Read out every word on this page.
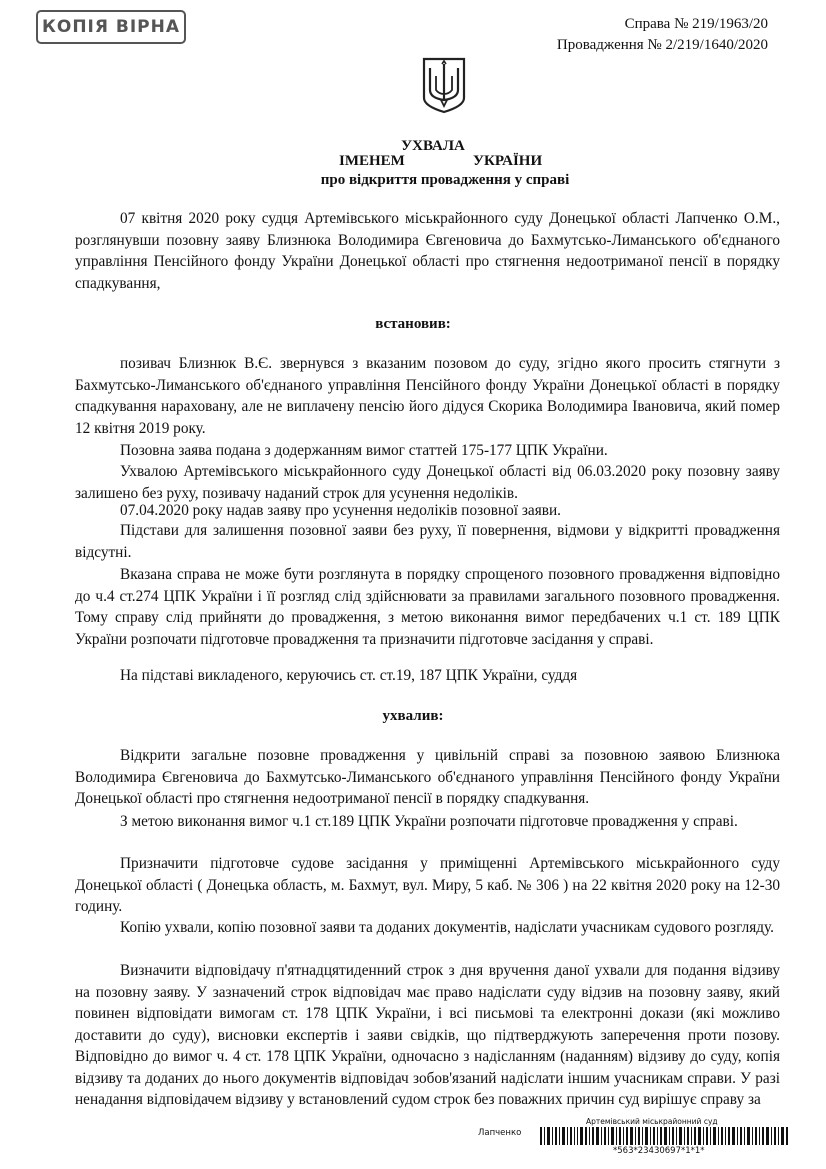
КОПІЯ ВІРНА	Справа № 219/1963/20
Провадження № 2/219/1640/2020
УХВАЛА
ІМЕНЕМ	УКРАЇНИ
про відкриття провадження у справі

07 квітня 2020 року судця Артемівського міськрайонного суду Донецької області Лапченко О.М., розглянувши позовну заяву Близнюка Володимира Євгеновича до Бахмутсько-Лиманського об'єднаного управління Пенсійного фонду України Донецької області про стягнення недоотриманої пенсії в порядку спадкування,

встановив:

позивач Близнюк В.Є. звернувся з вказаним позовом до суду, згідно якого просить стягнути з Бахмутсько-Лиманського об'єднаного управління Пенсійного фонду України Донецької області в порядку спадкування нараховану, але не виплачену пенсію його дідуся Скорика Володимира Івановича, який помер 12 квітня 2019 року.

Позовна заява подана з додержанням вимог статтей 175-177 ЦПК України.

Ухвалою Артемівського міськрайонного суду Донецької області від 06.03.2020 року позовну заяву залишено без руху, позивачу наданий строк для усунення недоліків.

07.04.2020 року надав заяву про усунення недоліків позовної заяви.

Підстави для залишення позовної заяви без руху, її повернення, відмови у відкритті провадження відсутні.

Вказана справа не може бути розглянута в порядку спрощеного позовного провадження відповідно до ч.4 ст.274 ЦПК України і її розгляд слід здійснювати за правилами загального позовного провадження. Тому справу слід прийняти до провадження, з метою виконання вимог передбачених ч.1 ст. 189 ЦПК України розпочати підготовче провадження та призначити підготовче засідання у справі.

На підставі викладеного, керуючись ст. ст.19, 187 ЦПК України, суддя

ухвалив:

Відкрити загальне позовне провадження у цивільній справі за позовною заявою Близнюка Володимира Євгеновича до Бахмутсько-Лиманського об'єднаного управління Пенсійного фонду України Донецької області про стягнення недоотриманої пенсії в порядку спадкування.

З метою виконання вимог ч.1 ст.189 ЦПК України розпочати підготовче провадження у справі.

Призначити підготовче судове засідання у приміщенні Артемівського міськрайонного суду Донецької області ( Донецька область, м. Бахмут, вул. Миру, 5 каб. № 306 ) на 22 квітня 2020 року на 12-30 годину.

Копію ухвали, копію позовної заяви та доданих документів, надіслати учасникам судового розгляду.

Визначити відповідачу п'ятнадцятиденний строк з дня вручення даної ухвали для подання відзиву на позовну заяву. У зазначений строк відповідач має право надіслати суду відзив на позовну заяву, який повинен відповідати вимогам ст. 178 ЦПК України, і всі письмові та електронні докази (які можливо доставити до суду), висновки експертів і заяви свідків, що підтверджують заперечення проти позову. Відповідно до вимог ч. 4 ст. 178 ЦПК України, одночасно з надісланням (наданням) відзиву до суду, копія відзиву та доданих до нього документів відповідач зобов'язаний надіслати іншим учасникам справи. У разі ненадання відповідачем відзиву у встановлений судом строк без поважних причин суд вирішує справу за

Артемівський міськрайонний суд
Лапченко
*563*23430697*1*1*
